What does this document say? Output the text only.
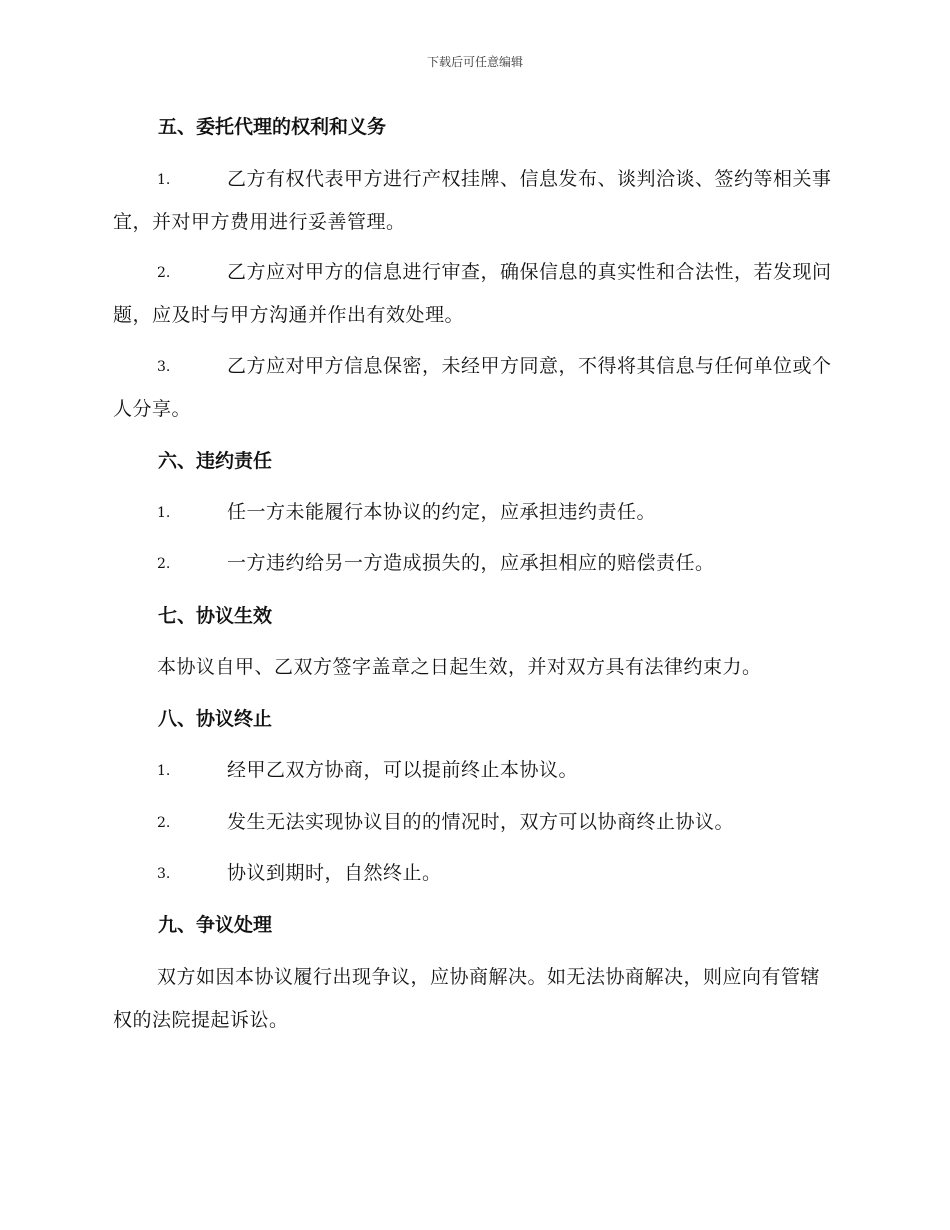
下载后可任意编辑
五、委托代理的权利和义务
1.	乙方有权代表甲方进行产权挂牌、信息发布、谈判洽谈、签约等相关事宜，并对甲方费用进行妥善管理。
2.	乙方应对甲方的信息进行审查，确保信息的真实性和合法性，若发现问题，应及时与甲方沟通并作出有效处理。
3.	乙方应对甲方信息保密，未经甲方同意，不得将其信息与任何单位或个人分享。
六、违约责任
1.	任一方未能履行本协议的约定，应承担违约责任。
2.	一方违约给另一方造成损失的，应承担相应的赔偿责任。
七、协议生效
本协议自甲、乙双方签字盖章之日起生效，并对双方具有法律约束力。
八、协议终止
1.	经甲乙双方协商，可以提前终止本协议。
2.	发生无法实现协议目的的情况时，双方可以协商终止协议。
3.	协议到期时，自然终止。
九、争议处理
双方如因本协议履行出现争议，应协商解决。如无法协商解决，则应向有管辖权的法院提起诉讼。
